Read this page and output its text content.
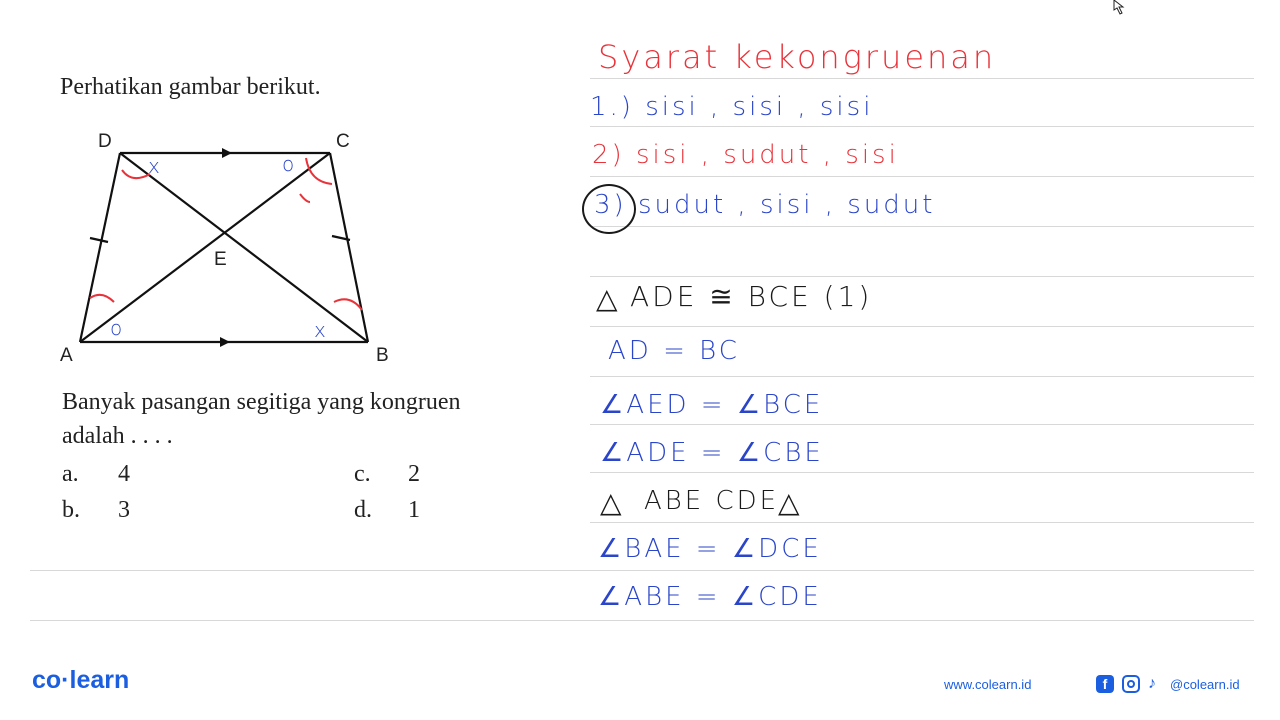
Perhatikan gambar berikut.
D	C
E
A	B
x	o
o	x
Banyak pasangan segitiga yang kongruen
adalah . . . .
a. 4	c. 2
b. 3	d. 1
Syarat kekongruenan
1.) sisi , sisi , sisi
2) sisi , sudut , sisi
3) sudut , sisi , sudut
△ ADE ≅ BCE (1)
AD = BC
∠AED = ∠BCE
∠ADE = ∠CBE
△	△
ABE CDE
∠BAE = ∠DCE
∠ABE = ∠CDE
co·learn	www.colearn.id	f	♪	@colearn.id
